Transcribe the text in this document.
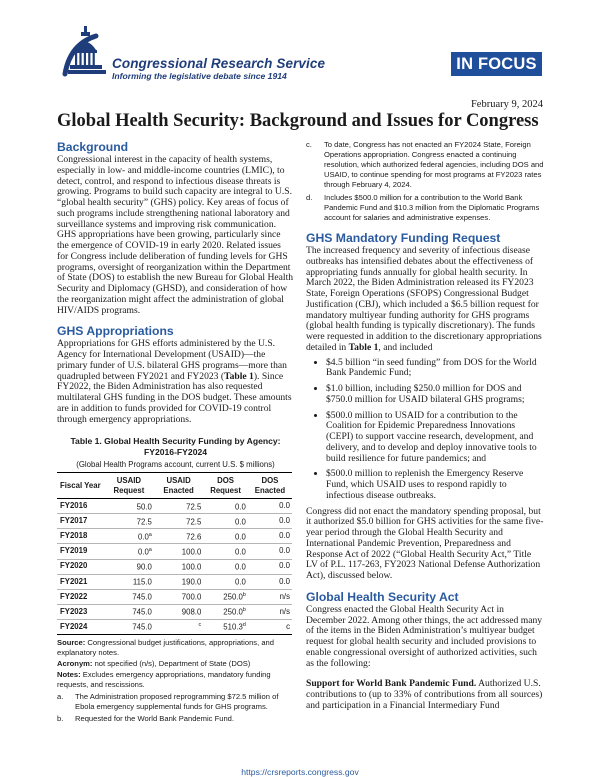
Congressional Research Service
Informing the legislative debate since 1914
IN FOCUS
February 9, 2024
Global Health Security: Background and Issues for Congress
Background

Congressional interest in the capacity of health systems, especially in low- and middle-income countries (LMIC), to detect, control, and respond to infectious disease threats is growing. Programs to build such capacity are integral to U.S. “global health security” (GHS) policy. Key areas of focus of such programs include strengthening national laboratory and surveillance systems and improving risk communication. GHS appropriations have been growing, particularly since the emergence of COVID-19 in early 2020. Related issues for Congress include deliberation of funding levels for GHS programs, oversight of reorganization within the Department of State (DOS) to establish the new Bureau for Global Health Security and Diplomacy (GHSD), and consideration of how the reorganization might affect the administration of global HIV/AIDS programs.

GHS Appropriations

Appropriations for GHS efforts administered by the U.S. Agency for International Development (USAID)—the primary funder of U.S. bilateral GHS programs—more than quadrupled between FY2021 and FY2023 (Table 1). Since FY2022, the Biden Administration has also requested multilateral GHS funding in the DOS budget. These amounts are in addition to funds provided for COVID-19 control through emergency appropriations.

Table 1. Global Health Security Funding by Agency: FY2016-FY2024
(Global Health Programs account, current U.S. $ millions)
Fiscal Year	USAID Request	USAID Enacted	DOS Request	DOS Enacted
FY2016	50.0	72.5	0.0	0.0
FY2017	72.5	72.5	0.0	0.0
FY2018	0.0$^a$	72.6	0.0	0.0
FY2019	0.0$^a$	100.0	0.0	0.0
FY2020	90.0	100.0	0.0	0.0
FY2021	115.0	190.0	0.0	0.0
FY2022	745.0	700.0	250.0$^b$	n/s
FY2023	745.0	908.0	250.0$^b$	n/s
FY2024	745.0	$^c$	510.3$^d$	c
Source: Congressional budget justifications, appropriations, and explanatory notes.
Acronym: not specified (n/s), Department of State (DOS)
Notes: Excludes emergency appropriations, mandatory funding requests, and rescissions.
a.	The Administration proposed reprogramming $72.5 million of Ebola emergency supplemental funds for GHS programs.
b.	Requested for the World Bank Pandemic Fund.
c.	To date, Congress has not enacted an FY2024 State, Foreign Operations appropriation. Congress enacted a continuing resolution, which authorized federal agencies, including DOS and USAID, to continue spending for most programs at FY2023 rates through February 4, 2024.
d.	Includes $500.0 million for a contribution to the World Bank Pandemic Fund and $10.3 million from the Diplomatic Programs account for salaries and administrative expenses.
GHS Mandatory Funding Request

The increased frequency and severity of infectious disease outbreaks has intensified debates about the effectiveness of appropriating funds annually for global health security. In March 2022, the Biden Administration released its FY2023 State, Foreign Operations (SFOPS) Congressional Budget Justification (CBJ), which included a $6.5 billion request for mandatory multiyear funding authority for GHS programs (global health funding is typically discretionary). The funds were requested in addition to the discretionary appropriations detailed in Table 1, and included

• $4.5 billion “in seed funding” from DOS for the World Bank Pandemic Fund;
• $1.0 billion, including $250.0 million for DOS and $750.0 million for USAID bilateral GHS programs;
• $500.0 million to USAID for a contribution to the Coalition for Epidemic Preparedness Innovations (CEPI) to support vaccine research, development, and delivery, and to develop and deploy innovative tools to build resilience for future pandemics; and
• $500.0 million to replenish the Emergency Reserve Fund, which USAID uses to respond rapidly to infectious disease outbreaks.

Congress did not enact the mandatory spending proposal, but it authorized $5.0 billion for GHS activities for the same five-year period through the Global Health Security and International Pandemic Prevention, Preparedness and Response Act of 2022 (“Global Health Security Act,” Title LV of P.L. 117-263, FY2023 National Defense Authorization Act), discussed below.

Global Health Security Act

Congress enacted the Global Health Security Act in December 2022. Among other things, the act addressed many of the items in the Biden Administration’s multiyear budget request for global health security and included provisions to enable congressional oversight of authorized activities, such as the following:

Support for World Bank Pandemic Fund. Authorized U.S. contributions to (up to 33% of contributions from all sources) and participation in a Financial Intermediary Fund

https://crsreports.congress.gov
